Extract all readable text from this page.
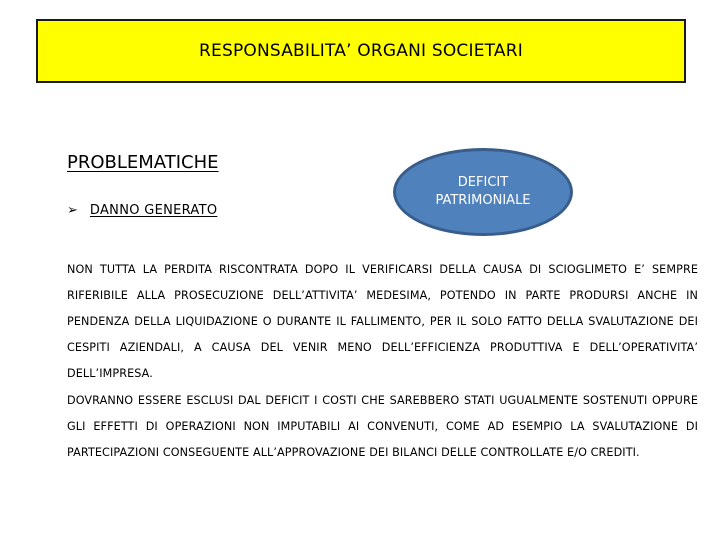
RESPONSABILITA’ ORGANI SOCIETARI
PROBLEMATICHE
➢ DANNO GENERATO
DEFICIT PATRIMONIALE
NON TUTTA LA PERDITA RISCONTRATA DOPO IL VERIFICARSI DELLA CAUSA DI SCIOGLIMETO E’ SEMPRE RIFERIBILE ALLA PROSECUZIONE DELL’ATTIVITA’ MEDESIMA, POTENDO IN PARTE PRODURSI ANCHE IN PENDENZA DELLA LIQUIDAZIONE O DURANTE IL FALLIMENTO, PER IL SOLO FATTO DELLA SVALUTAZIONE DEI CESPITI AZIENDALI, A CAUSA DEL VENIR MENO DELL’EFFICIENZA PRODUTTIVA E DELL’OPERATIVITA’ DELL’IMPRESA.
DOVRANNO ESSERE ESCLUSI DAL DEFICIT I COSTI CHE SAREBBERO STATI UGUALMENTE SOSTENUTI OPPURE GLI EFFETTI DI OPERAZIONI NON IMPUTABILI AI CONVENUTI, COME AD ESEMPIO LA SVALUTAZIONE DI PARTECIPAZIONI CONSEGUENTE ALL’APPROVAZIONE DEI BILANCI DELLE CONTROLLATE E/O CREDITI.
